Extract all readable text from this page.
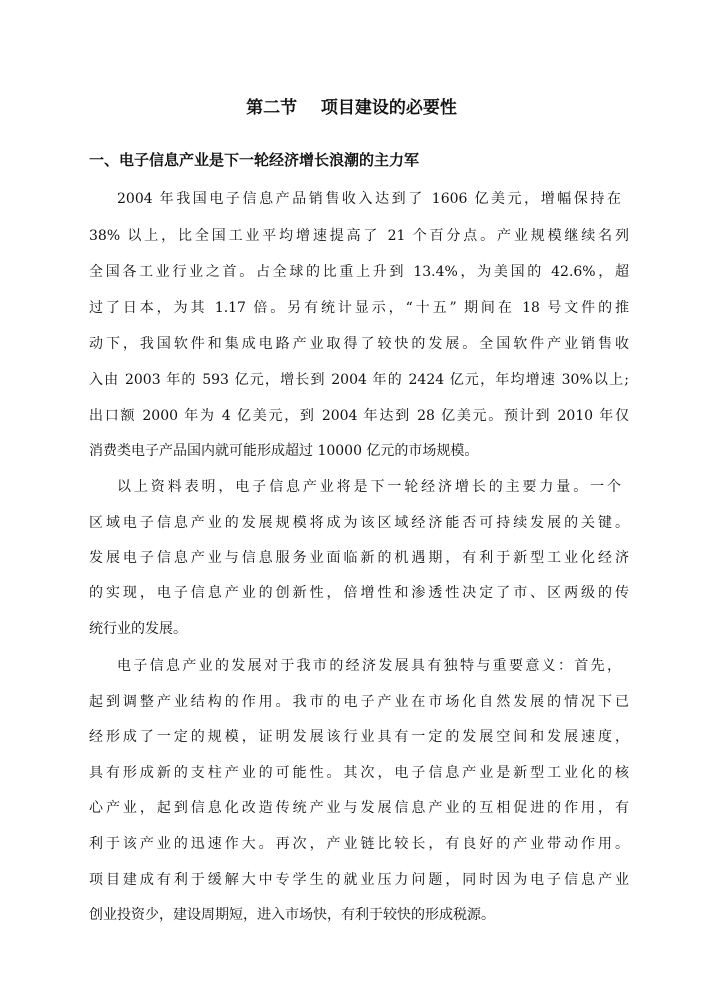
第二节    项目建设的必要性
一、电子信息产业是下一轮经济增长浪潮的主力军
2004 年我国电子信息产品销售收入达到了 1606 亿美元，增幅保持在
38% 以上，比全国工业平均增速提高了 21 个百分点。产业规模继续名列
全国各工业行业之首。占全球的比重上升到 13.4%，为美国的 42.6%，超
过了日本，为其 1.17 倍。另有统计显示，“十五” 期间在 18 号文件的推
动下，我国软件和集成电路产业取得了较快的发展。全国软件产业销售收
入由 2003 年的 593 亿元，增长到 2004 年的 2424 亿元，年均增速 30%以上;
出口额 2000 年为 4 亿美元，到 2004 年达到 28 亿美元。预计到 2010 年仅
消费类电子产品国内就可能形成超过 10000 亿元的市场规模。
以上资料表明，电子信息产业将是下一轮经济增长的主要力量。一个
区域电子信息产业的发展规模将成为该区域经济能否可持续发展的关键。
发展电子信息产业与信息服务业面临新的机遇期，有利于新型工业化经济
的实现，电子信息产业的创新性，倍增性和渗透性决定了市、区两级的传
统行业的发展。
电子信息产业的发展对于我市的经济发展具有独特与重要意义：首先，
起到调整产业结构的作用。我市的电子产业在市场化自然发展的情况下已
经形成了一定的规模，证明发展该行业具有一定的发展空间和发展速度，
具有形成新的支柱产业的可能性。其次，电子信息产业是新型工业化的核
心产业，起到信息化改造传统产业与发展信息产业的互相促进的作用，有
利于该产业的迅速作大。再次，产业链比较长，有良好的产业带动作用。
项目建成有利于缓解大中专学生的就业压力问题，同时因为电子信息产业
创业投资少，建设周期短，进入市场快，有利于较快的形成税源。
